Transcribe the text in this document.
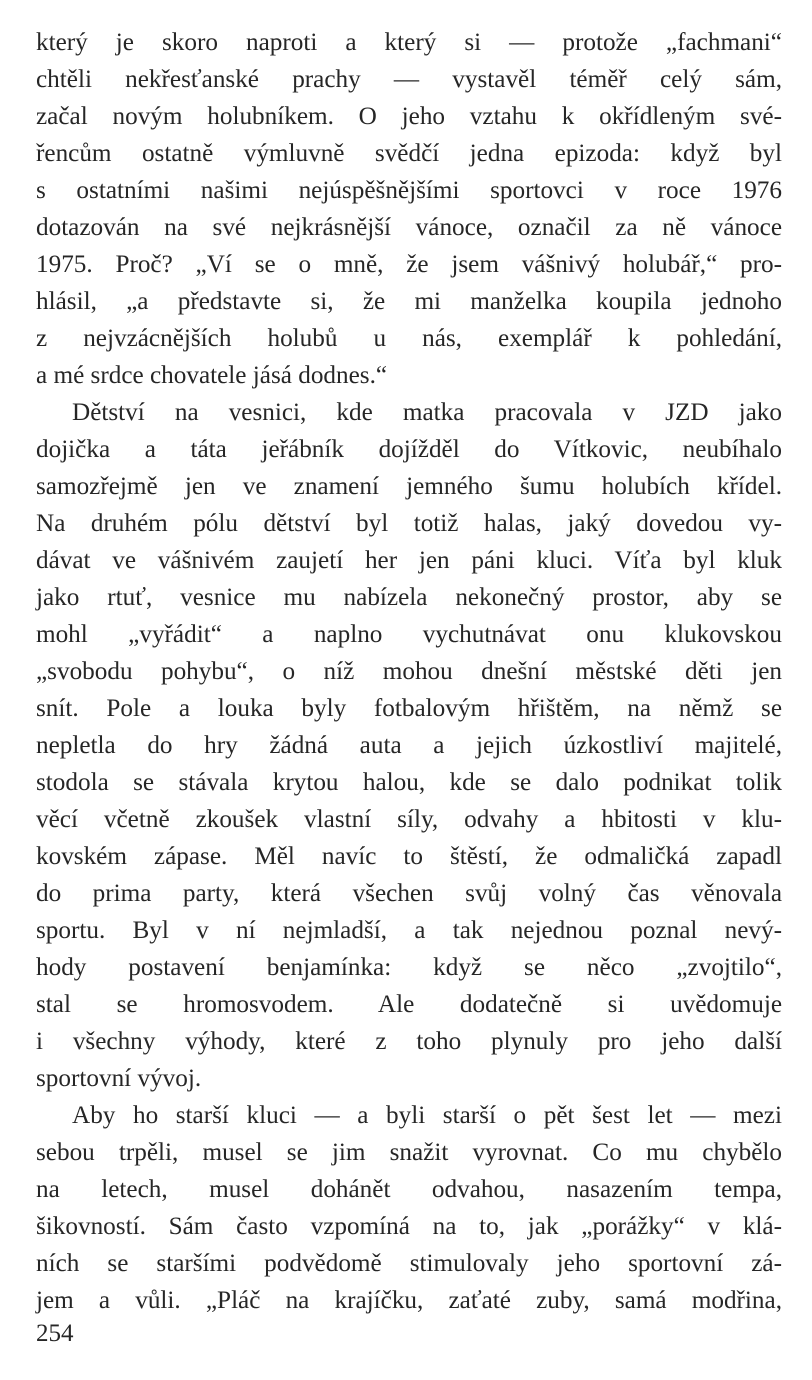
který je skoro naproti a který si — protože „fachmani“
chtěli nekřesťanské prachy — vystavěl téměř celý sám,
začal novým holubníkem. O jeho vztahu k okřídleným své-
řencům ostatně výmluvně svědčí jedna epizoda: když byl
s ostatními našimi nejúspěšnějšími sportovci v roce 1976
dotazován na své nejkrásnější vánoce, označil za ně vánoce
1975. Proč? „Ví se o mně, že jsem vášnivý holubář,“ pro-
hlásil, „a představte si, že mi manželka koupila jednoho
z nejvzácnějších holubů u nás, exemplář k pohledání,
a mé srdce chovatele jásá dodnes.“
Dětství na vesnici, kde matka pracovala v JZD jako
dojička a táta jeřábník dojížděl do Vítkovic, neubíhalo
samozřejmě jen ve znamení jemného šumu holubích křídel.
Na druhém pólu dětství byl totiž halas, jaký dovedou vy-
dávat ve vášnivém zaujetí her jen páni kluci. Víťa byl kluk
jako rtuť, vesnice mu nabízela nekonečný prostor, aby se
mohl „vyřádit“ a naplno vychutnávat onu klukovskou
„svobodu pohybu“, o níž mohou dnešní městské děti jen
snít. Pole a louka byly fotbalovým hřištěm, na němž se
nepletla do hry žádná auta a jejich úzkostliví majitelé,
stodola se stávala krytou halou, kde se dalo podnikat tolik
věcí včetně zkoušek vlastní síly, odvahy a hbitosti v klu-
kovském zápase. Měl navíc to štěstí, že odmaličká zapadl
do prima party, která všechen svůj volný čas věnovala
sportu. Byl v ní nejmladší, a tak nejednou poznal nevý-
hody postavení benjamínka: když se něco „zvojtilo“,
stal se hromosvodem. Ale dodatečně si uvědomuje
i všechny výhody, které z toho plynuly pro jeho další
sportovní vývoj.
Aby ho starší kluci — a byli starší o pět šest let — mezi
sebou trpěli, musel se jim snažit vyrovnat. Co mu chybělo
na letech, musel dohánět odvahou, nasazením tempa,
šikovností. Sám často vzpomíná na to, jak „porážky“ v klá-
ních se staršími podvědomě stimulovaly jeho sportovní zá-
jem a vůli. „Pláč na krajíčku, zaťaté zuby, samá modřina,
254
